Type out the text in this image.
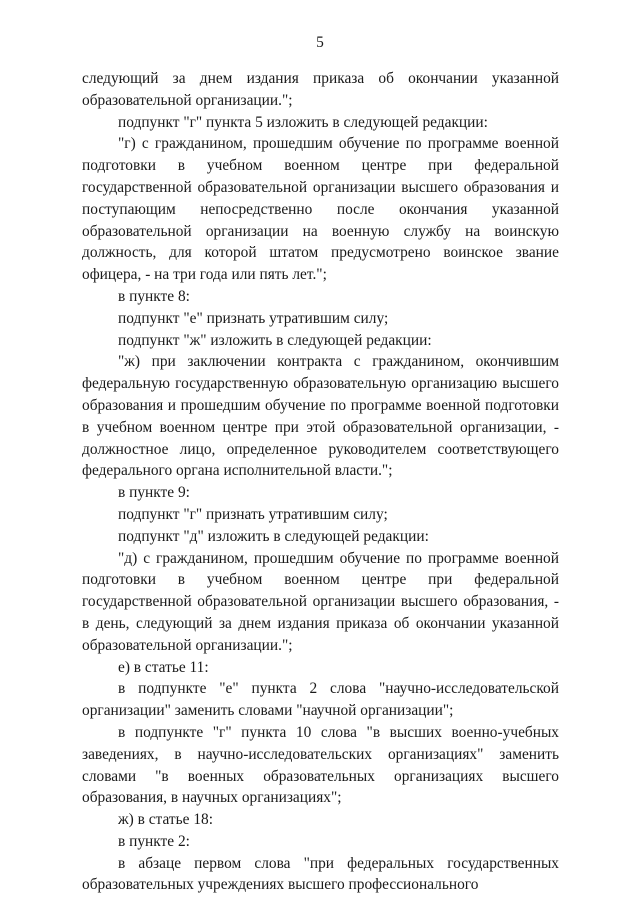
5

следующий за днем издания приказа об окончании указанной образовательной организации.";

подпункт "г" пункта 5 изложить в следующей редакции:

"г) с гражданином, прошедшим обучение по программе военной подготовки в учебном военном центре при федеральной государственной образовательной организации высшего образования и поступающим непосредственно после окончания указанной образовательной организации на военную службу на воинскую должность, для которой штатом предусмотрено воинское звание офицера, - на три года или пять лет.";

в пункте 8:

подпункт "е" признать утратившим силу;

подпункт "ж" изложить в следующей редакции:

"ж) при заключении контракта с гражданином, окончившим федеральную государственную образовательную организацию высшего образования и прошедшим обучение по программе военной подготовки в учебном военном центре при этой образовательной организации, - должностное лицо, определенное руководителем соответствующего федерального органа исполнительной власти.";

в пункте 9:

подпункт "г" признать утратившим силу;

подпункт "д" изложить в следующей редакции:

"д) с гражданином, прошедшим обучение по программе военной подготовки в учебном военном центре при федеральной государственной образовательной организации высшего образования, - в день, следующий за днем издания приказа об окончании указанной образовательной организации.";

е) в статье 11:

в подпункте "е" пункта 2 слова "научно-исследовательской организации" заменить словами "научной организации";

в подпункте "г" пункта 10 слова "в высших военно-учебных заведениях, в научно-исследовательских организациях" заменить словами "в военных образовательных организациях высшего образования, в научных организациях";

ж) в статье 18:

в пункте 2:

в абзаце первом слова "при федеральных государственных образовательных учреждениях высшего профессионального
